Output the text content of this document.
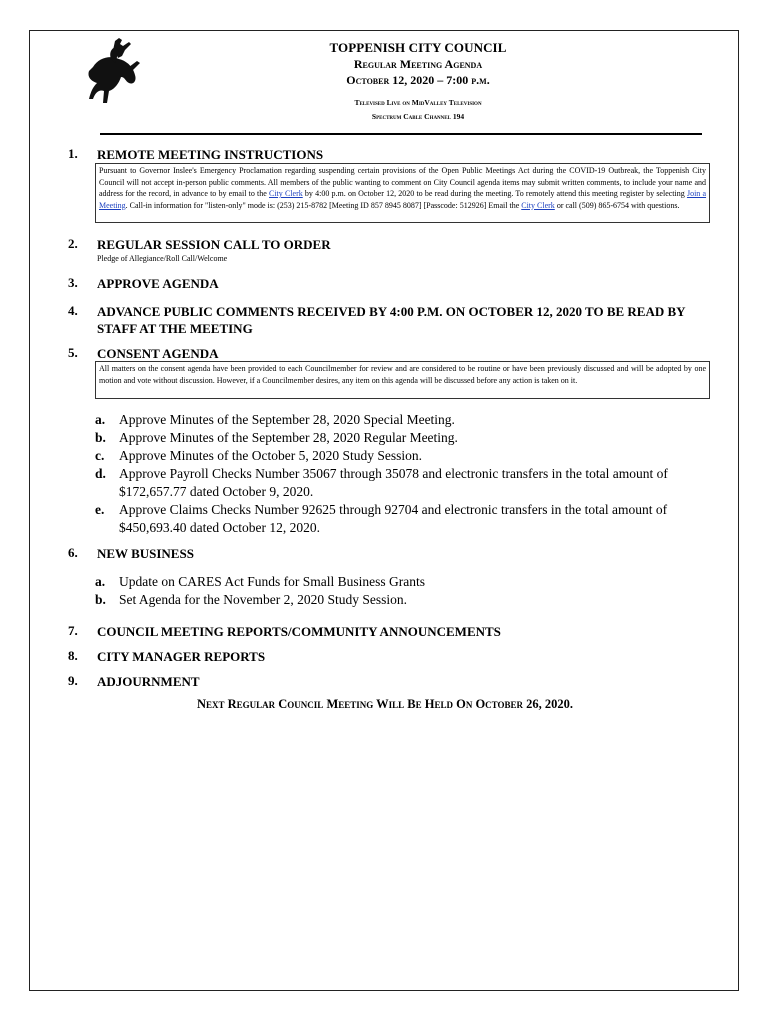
TOPPENISH CITY COUNCIL
Regular Meeting Agenda
October 12, 2020 – 7:00 p.m.
Televised Live on MidValley Television
Spectrum Cable Channel 194
1. REMOTE MEETING INSTRUCTIONS
Pursuant to Governor Inslee's Emergency Proclamation regarding suspending certain provisions of the Open Public Meetings Act during the COVID-19 Outbreak, the Toppenish City Council will not accept in-person public comments. All members of the public wanting to comment on City Council agenda items may submit written comments, to include your name and address for the record, in advance to by email to the City Clerk by 4:00 p.m. on October 12, 2020 to be read during the meeting. To remotely attend this meeting register by selecting Join a Meeting. Call-in information for "listen-only" mode is: (253) 215-8782 [Meeting ID 857 8945 8087] [Passcode: 512926] Email the City Clerk or call (509) 865-6754 with questions.
2. REGULAR SESSION CALL TO ORDER
Pledge of Allegiance/Roll Call/Welcome
3. APPROVE AGENDA
4. ADVANCE PUBLIC COMMENTS RECEIVED BY 4:00 P.M. ON OCTOBER 12, 2020 TO BE READ BY STAFF AT THE MEETING
5. CONSENT AGENDA
All matters on the consent agenda have been provided to each Councilmember for review and are considered to be routine or have been previously discussed and will be adopted by one motion and vote without discussion. However, if a Councilmember desires, any item on this agenda will be discussed before any action is taken on it.
a. Approve Minutes of the September 28, 2020 Special Meeting.
b. Approve Minutes of the September 28, 2020 Regular Meeting.
c. Approve Minutes of the October 5, 2020 Study Session.
d. Approve Payroll Checks Number 35067 through 35078 and electronic transfers in the total amount of $172,657.77 dated October 9, 2020.
e. Approve Claims Checks Number 92625 through 92704 and electronic transfers in the total amount of $450,693.40 dated October 12, 2020.
6. NEW BUSINESS
a. Update on CARES Act Funds for Small Business Grants
b. Set Agenda for the November 2, 2020 Study Session.
7. COUNCIL MEETING REPORTS/COMMUNITY ANNOUNCEMENTS
8. CITY MANAGER REPORTS
9. ADJOURNMENT
Next Regular Council Meeting Will Be Held On October 26, 2020.
